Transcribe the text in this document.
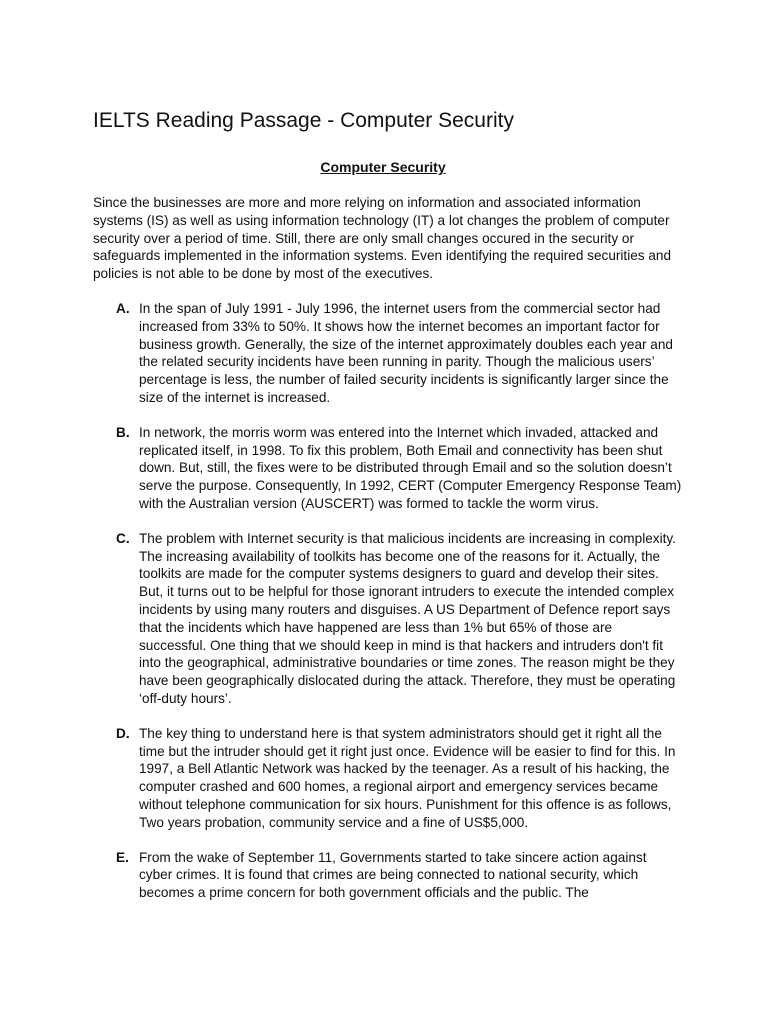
IELTS Reading Passage - Computer Security
Computer Security

Since the businesses are more and more relying on information and associated information systems (IS) as well as using information technology (IT) a lot changes the problem of computer security over a period of time. Still, there are only small changes occured in the security or safeguards implemented in the information systems. Even identifying the required securities and policies is not able to be done by most of the executives.

A. In the span of July 1991 - July 1996, the internet users from the commercial sector had increased from 33% to 50%. It shows how the internet becomes an important factor for business growth. Generally, the size of the internet approximately doubles each year and the related security incidents have been running in parity. Though the malicious users’ percentage is less, the number of failed security incidents is significantly larger since the size of the internet is increased.
B. In network, the morris worm was entered into the Internet which invaded, attacked and replicated itself, in 1998. To fix this problem, Both Email and connectivity has been shut down. But, still, the fixes were to be distributed through Email and so the solution doesn’t serve the purpose. Consequently, In 1992, CERT (Computer Emergency Response Team) with the Australian version (AUSCERT) was formed to tackle the worm virus.
C. The problem with Internet security is that malicious incidents are increasing in complexity. The increasing availability of toolkits has become one of the reasons for it. Actually, the toolkits are made for the computer systems designers to guard and develop their sites. But, it turns out to be helpful for those ignorant intruders to execute the intended complex incidents by using many routers and disguises. A US Department of Defence report says that the incidents which have happened are less than 1% but 65% of those are successful. One thing that we should keep in mind is that hackers and intruders don't fit into the geographical, administrative boundaries or time zones. The reason might be they have been geographically dislocated during the attack. Therefore, they must be operating ‘off-duty hours’.
D. The key thing to understand here is that system administrators should get it right all the time but the intruder should get it right just once. Evidence will be easier to find for this. In 1997, a Bell Atlantic Network was hacked by the teenager. As a result of his hacking, the computer crashed and 600 homes, a regional airport and emergency services became without telephone communication for six hours. Punishment for this offence is as follows, Two years probation, community service and a fine of US$5,000.
E. From the wake of September 11, Governments started to take sincere action against cyber crimes. It is found that crimes are being connected to national security, which becomes a prime concern for both government officials and the public. The
